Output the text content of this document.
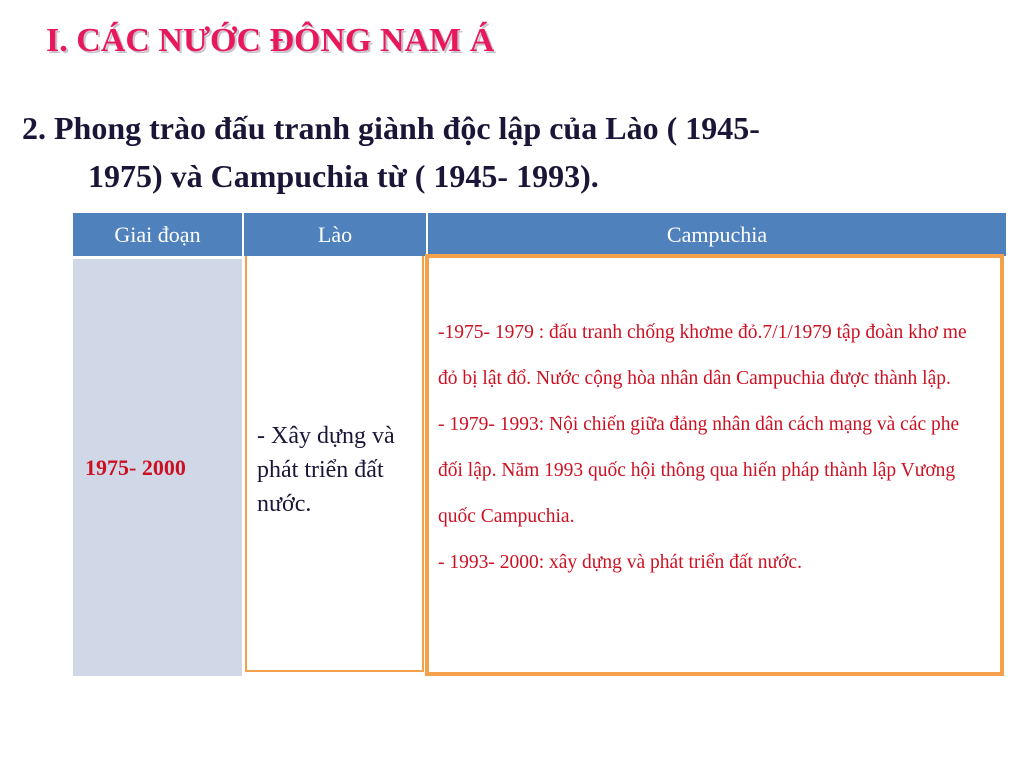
I. CÁC NƯỚC ĐÔNG NAM Á

2. Phong trào đấu tranh giành độc lập của Lào ( 1945-
1975) và Campuchia từ ( 1945- 1993).

Giai đoạn	Lào	Campuchia
1975- 2000
- Xây dựng và phát triển đất nước.
-1975- 1979 : đấu tranh chống khơme đỏ.7/1/1979 tập đoàn khơ me đỏ bị lật đổ. Nước cộng hòa nhân dân Campuchia được thành lập.
- 1979- 1993: Nội chiến giữa đảng nhân dân cách mạng và các phe đối lập. Năm 1993 quốc hội thông qua hiến pháp thành lập Vương quốc Campuchia.
- 1993- 2000: xây dựng và phát triển đất nước.
